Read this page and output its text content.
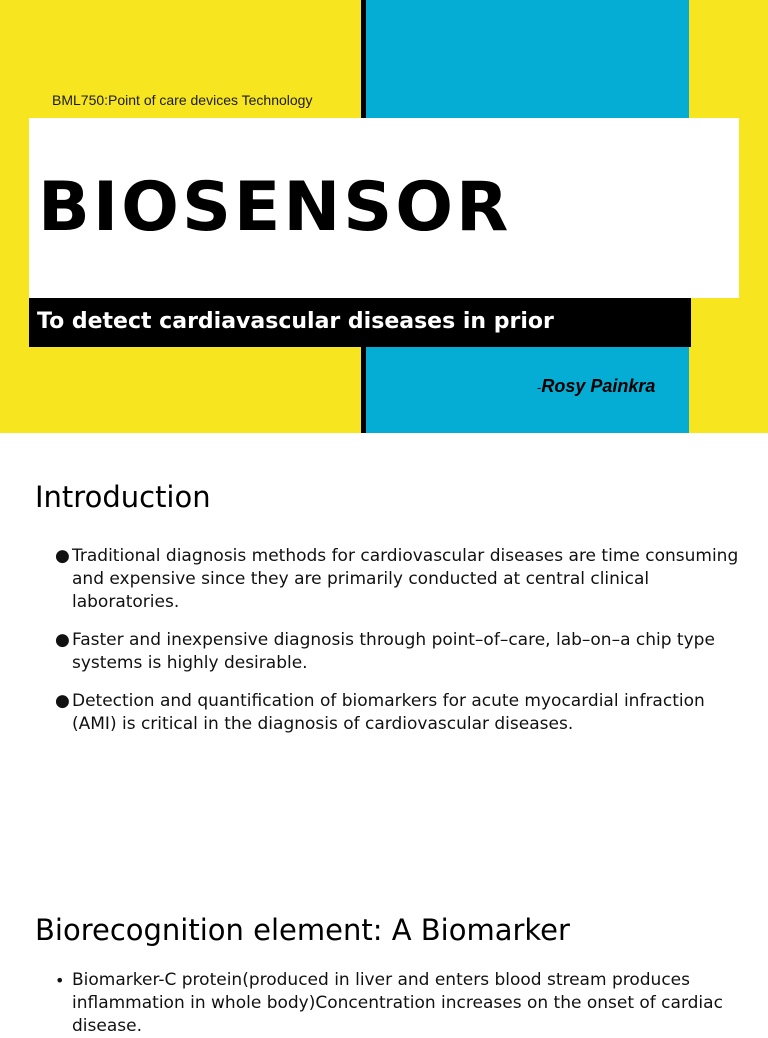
BML750:Point of care devices Technology
BIOSENSOR
To detect cardiavascular diseases in prior
-Rosy Painkra
Introduction
● Traditional diagnosis methods for cardiovascular diseases are time consuming and expensive since they are primarily conducted at central clinical laboratories.
● Faster and inexpensive diagnosis through point–of–care, lab–on–a chip type systems is highly desirable.
● Detection and quantification of biomarkers for acute myocardial infraction (AMI) is critical in the diagnosis of cardiovascular diseases.
Biorecognition element: A Biomarker
• Biomarker-C protein(produced in liver and enters blood stream produces inflammation in whole body)Concentration increases on the onset of cardiac disease.
